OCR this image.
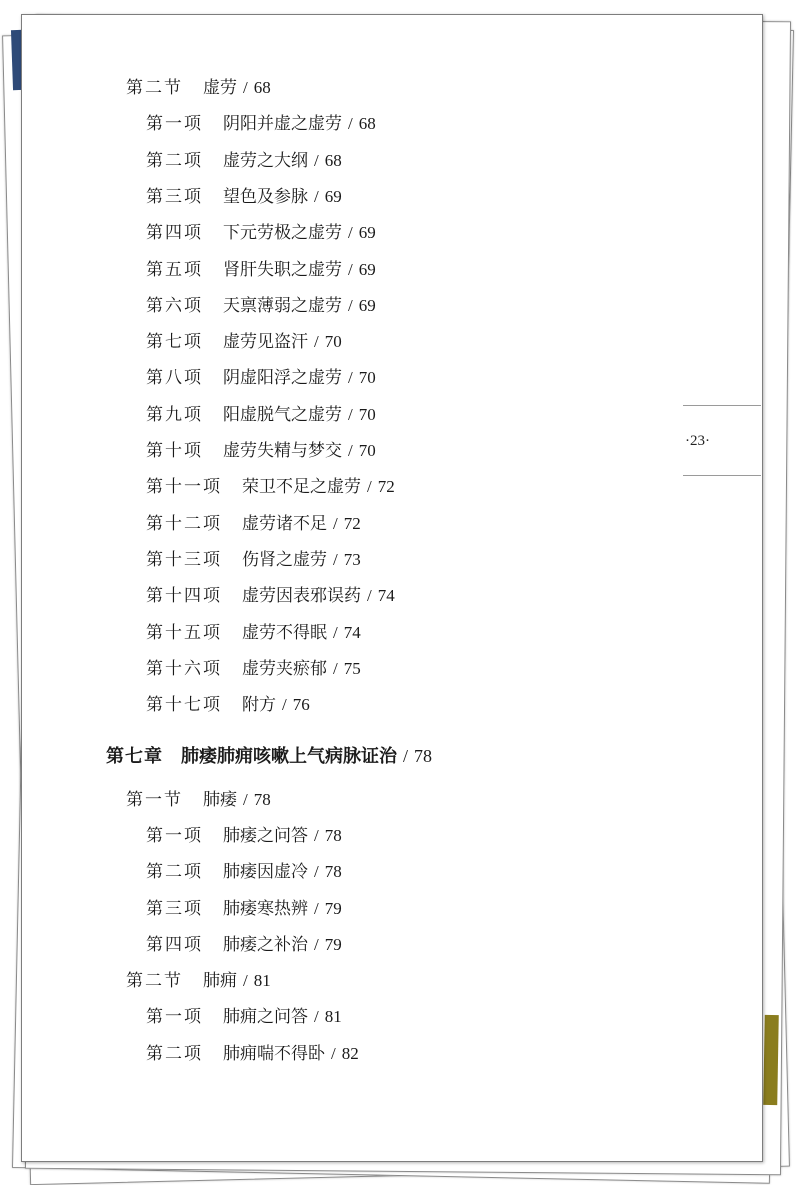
第二节 虚劳 / 68
第一项 阴阳并虚之虚劳 / 68
第二项 虚劳之大纲 / 68
第三项 望色及参脉 / 69
第四项 下元劳极之虚劳 / 69
第五项 肾肝失职之虚劳 / 69
第六项 天禀薄弱之虚劳 / 69
第七项 虚劳见盗汗 / 70
第八项 阴虚阳浮之虚劳 / 70
第九项 阳虚脱气之虚劳 / 70
第十项 虚劳失精与梦交 / 70
第十一项 荣卫不足之虚劳 / 72
第十二项 虚劳诸不足 / 72
第十三项 伤肾之虚劳 / 73
第十四项 虚劳因表邪误药 / 74
第十五项 虚劳不得眠 / 74
第十六项 虚劳夹瘀郁 / 75
第十七项 附方 / 76
第七章 肺痿肺痈咳嗽上气病脉证治 / 78
第一节 肺痿 / 78
第一项 肺痿之问答 / 78
第二项 肺痿因虚冷 / 78
第三项 肺痿寒热辨 / 79
第四项 肺痿之补治 / 79
第二节 肺痈 / 81
第一项 肺痈之问答 / 81
第二项 肺痈喘不得卧 / 82
·23·
